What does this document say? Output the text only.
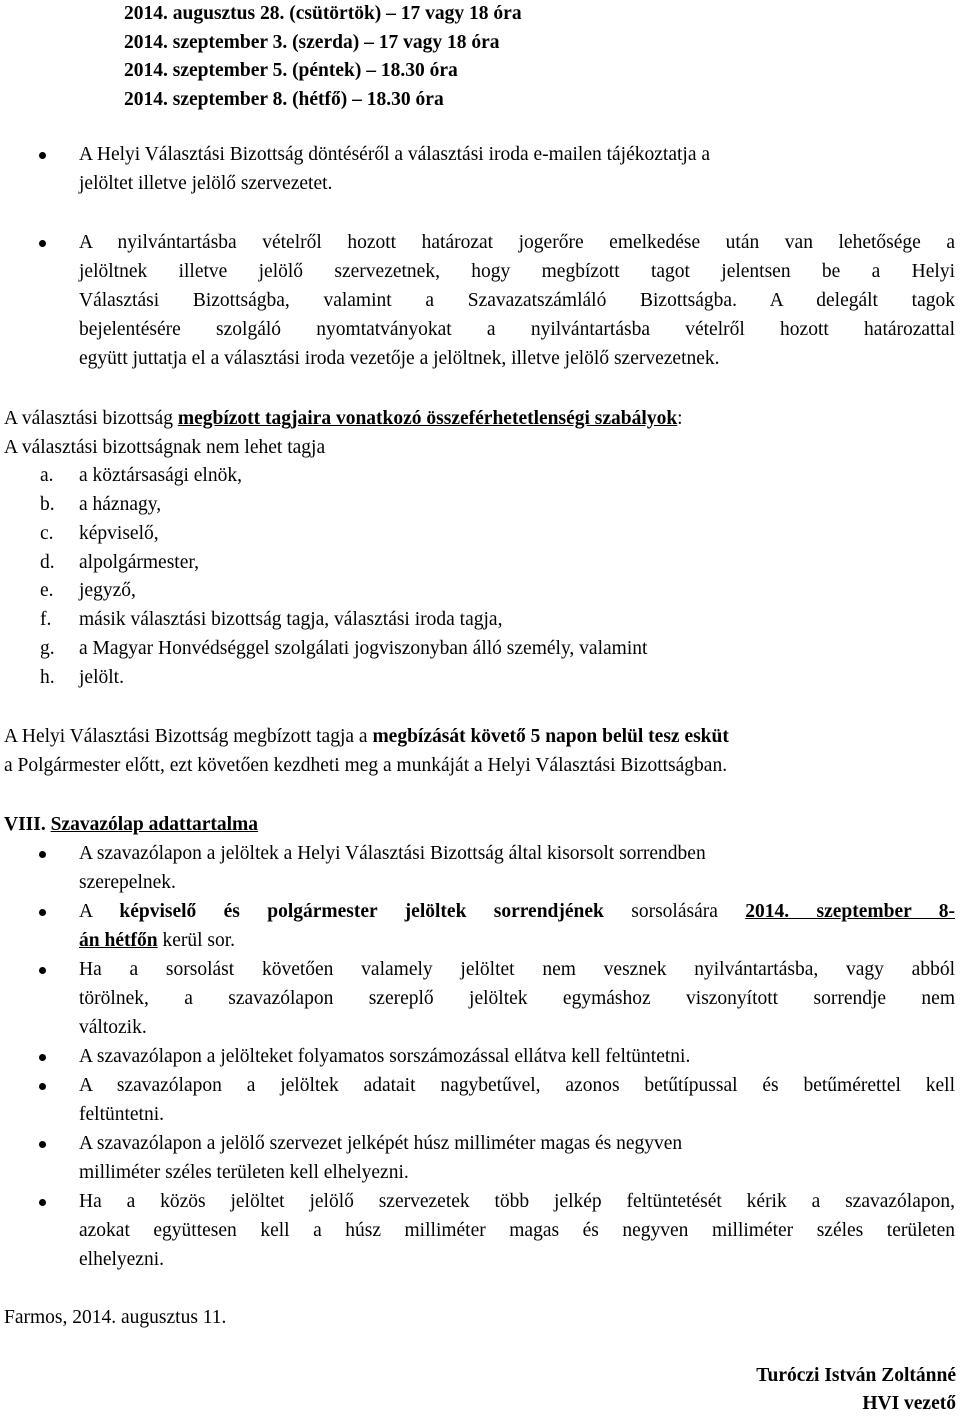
2014. augusztus 28. (csütörtök) – 17 vagy 18 óra
2014. szeptember 3. (szerda) – 17 vagy 18 óra
2014. szeptember 5. (péntek) – 18.30 óra
2014. szeptember 8. (hétfő) – 18.30 óra
A Helyi Választási Bizottság döntéséről a választási iroda e-mailen tájékoztatja a
jelöltet illetve jelölő szervezetet.
A nyilvántartásba vételről hozott határozat jogerőre emelkedése után van lehetősége a
jelöltnek illetve jelölő szervezetnek, hogy megbízott tagot jelentsen be a Helyi
Választási Bizottságba, valamint a Szavazatszámláló Bizottságba. A delegált tagok
bejelentésére szolgáló nyomtatványokat a nyilvántartásba vételről hozott határozattal
együtt juttatja el a választási iroda vezetője a jelöltnek, illetve jelölő szervezetnek.
A választási bizottság megbízott tagjaira vonatkozó összeférhetetlenségi szabályok:
A választási bizottságnak nem lehet tagja
a. a köztársasági elnök,
b. a háznagy,
c. képviselő,
d. alpolgármester,
e. jegyző,
f. másik választási bizottság tagja, választási iroda tagja,
g. a Magyar Honvédséggel szolgálati jogviszonyban álló személy, valamint
h. jelölt.
A Helyi Választási Bizottság megbízott tagja a megbízását követő 5 napon belül tesz esküt
a Polgármester előtt, ezt követően kezdheti meg a munkáját a Helyi Választási Bizottságban.
VIII. Szavazólap adattartalma
A szavazólapon a jelöltek a Helyi Választási Bizottság által kisorsolt sorrendben
szerepelnek.
A képviselő és polgármester jelöltek sorrendjének sorsolására 2014. szeptember 8-
án hétfőn kerül sor.
Ha a sorsolást követően valamely jelöltet nem vesznek nyilvántartásba, vagy abból
törölnek, a szavazólapon szereplő jelöltek egymáshoz viszonyított sorrendje nem
változik.
A szavazólapon a jelölteket folyamatos sorszámozással ellátva kell feltüntetni.
A szavazólapon a jelöltek adatait nagybetűvel, azonos betűtípussal és betűmérettel kell
feltüntetni.
A szavazólapon a jelölő szervezet jelképét húsz milliméter magas és negyven
milliméter széles területen kell elhelyezni.
Ha a közös jelöltet jelölő szervezetek több jelkép feltüntetését kérik a szavazólapon,
azokat együttesen kell a húsz milliméter magas és negyven milliméter széles területen
elhelyezni.
Farmos, 2014. augusztus 11.
Turóczi István Zoltánné
HVI vezető
